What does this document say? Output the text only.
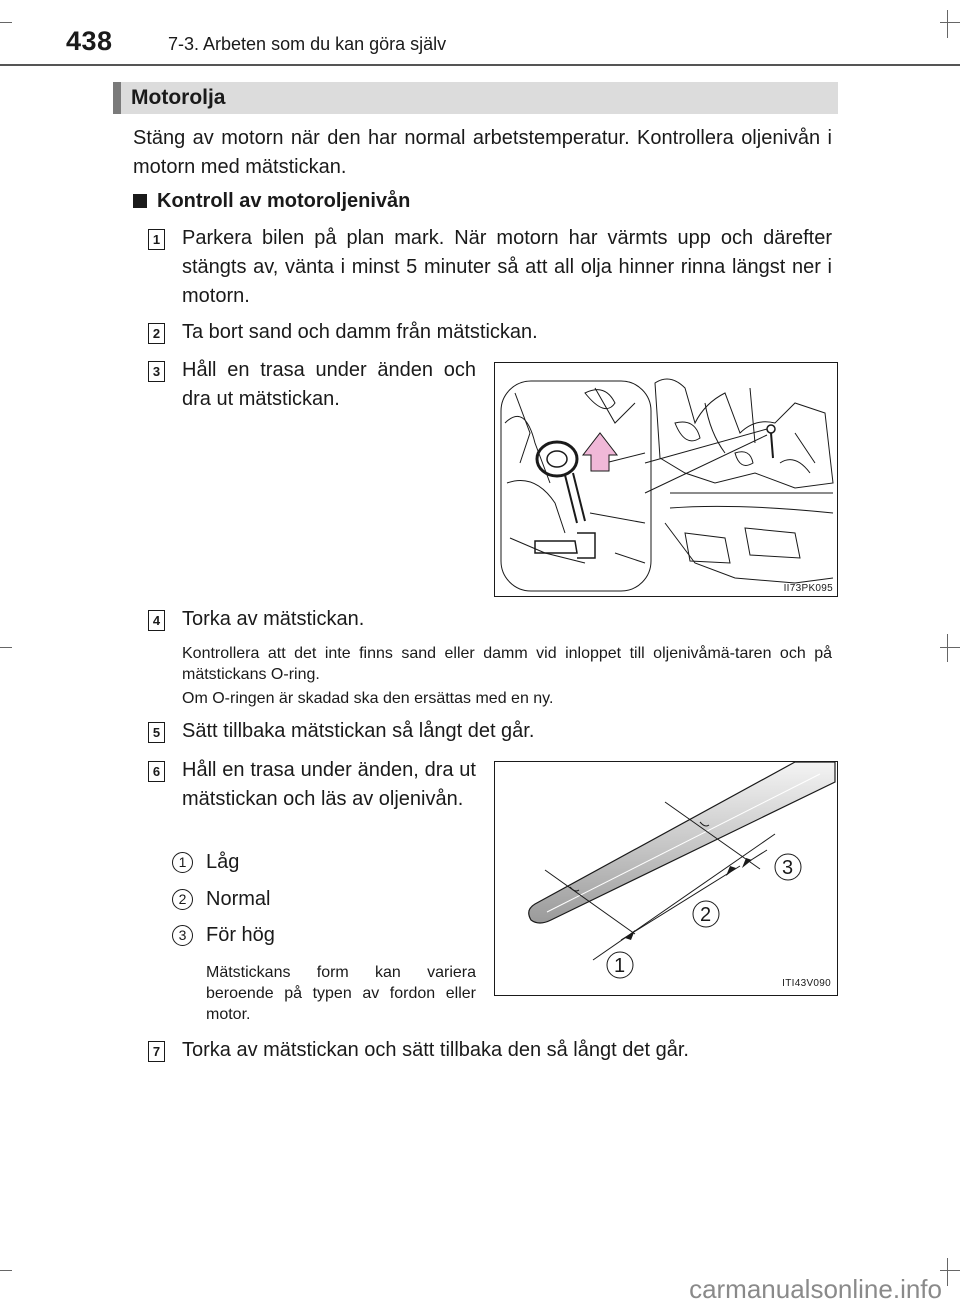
438	7-3. Arbeten som du kan göra själv
Motorolja
Stäng av motorn när den har normal arbetstemperatur. Kontrollera oljenivån i motorn med mätstickan.
Kontroll av motoroljenivån
1 Parkera bilen på plan mark. När motorn har värmts upp och därefter stängts av, vänta i minst 5 minuter så att all olja hinner rinna längst ner i motorn.
2 Ta bort sand och damm från mätstickan.
3 Håll en trasa under änden och dra ut mätstickan.
II73PK095
4 Torka av mätstickan.
Kontrollera att det inte finns sand eller damm vid inloppet till oljenivåmä-taren och på mätstickans O-ring.
Om O-ringen är skadad ska den ersättas med en ny.
5 Sätt tillbaka mätstickan så långt det går.
6 Håll en trasa under änden, dra ut mätstickan och läs av oljenivån.
1 Låg
2 Normal
3 För hög
Mätstickans form kan variera beroende på typen av fordon eller motor.
1
2
3
ITI43V090
7 Torka av mätstickan och sätt tillbaka den så långt det går.
carmanualsonline.info
